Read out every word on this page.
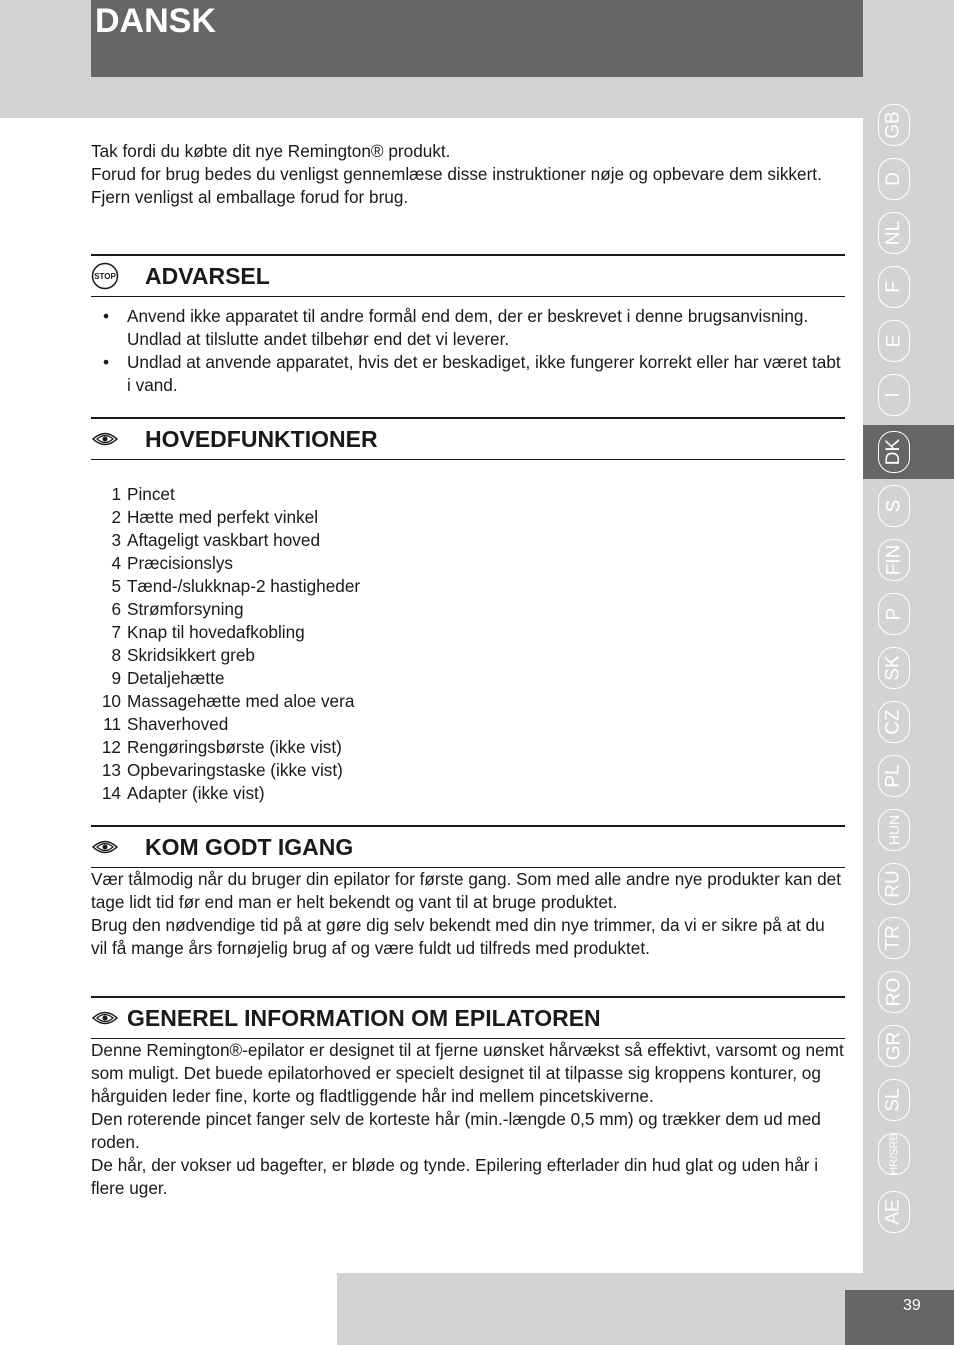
DANSK

Tak fordi du købte dit nye Remington® produkt.

Forud for brug bedes du venligst gennemlæse disse instruktioner nøje og opbevare dem sikkert. Fjern venligst al emballage forud for brug.

STOP ADVARSEL
• Anvend ikke apparatet til andre formål end dem, der er beskrevet i denne brugsanvisning. Undlad at tilslutte andet tilbehør end det vi leverer.
• Undlad at anvende apparatet, hvis det er beskadiget, ikke fungerer korrekt eller har været tabt i vand.
HOVEDFUNKTIONER
1 Pincet
2 Hætte med perfekt vinkel
3 Aftageligt vaskbart hoved
4 Præcisionslys
5 Tænd-/slukknap-2 hastigheder
6 Strømforsyning
7 Knap til hovedafkobling
8 Skridsikkert greb
9 Detaljehætte
10 Massagehætte med aloe vera
11 Shaverhoved
12 Rengøringsbørste (ikke vist)
13 Opbevaringstaske (ikke vist)
14 Adapter (ikke vist)
KOM GODT IGANG

Vær tålmodig når du bruger din epilator for første gang. Som med alle andre nye produkter kan det tage lidt tid før end man er helt bekendt og vant til at bruge produktet.

Brug den nødvendige tid på at gøre dig selv bekendt med din nye trimmer, da vi er sikre på at du vil få mange års fornøjelig brug af og være fuldt ud tilfreds med produktet.

GENEREL INFORMATION OM EPILATOREN

Denne Remington®-epilator er designet til at fjerne uønsket hårvækst så effektivt, varsomt og nemt som muligt. Det buede epilatorhoved er specielt designet til at tilpasse sig kroppens konturer, og hårguiden leder fine, korte og fladtliggende hår ind mellem pincetskiverne.

Den roterende pincet fanger selv de korteste hår (min.-længde 0,5 mm) og trækker dem ud med roden.

De hår, der vokser ud bagefter, er bløde og tynde. Epilering efterlader din hud glat og uden hår i flere uger.

GB
D
NL
F
E
I
DK
S
FIN
P
SK
CZ
PL
HUN
RU
TR
RO
GR
SL
HR/SRB
AE
39
